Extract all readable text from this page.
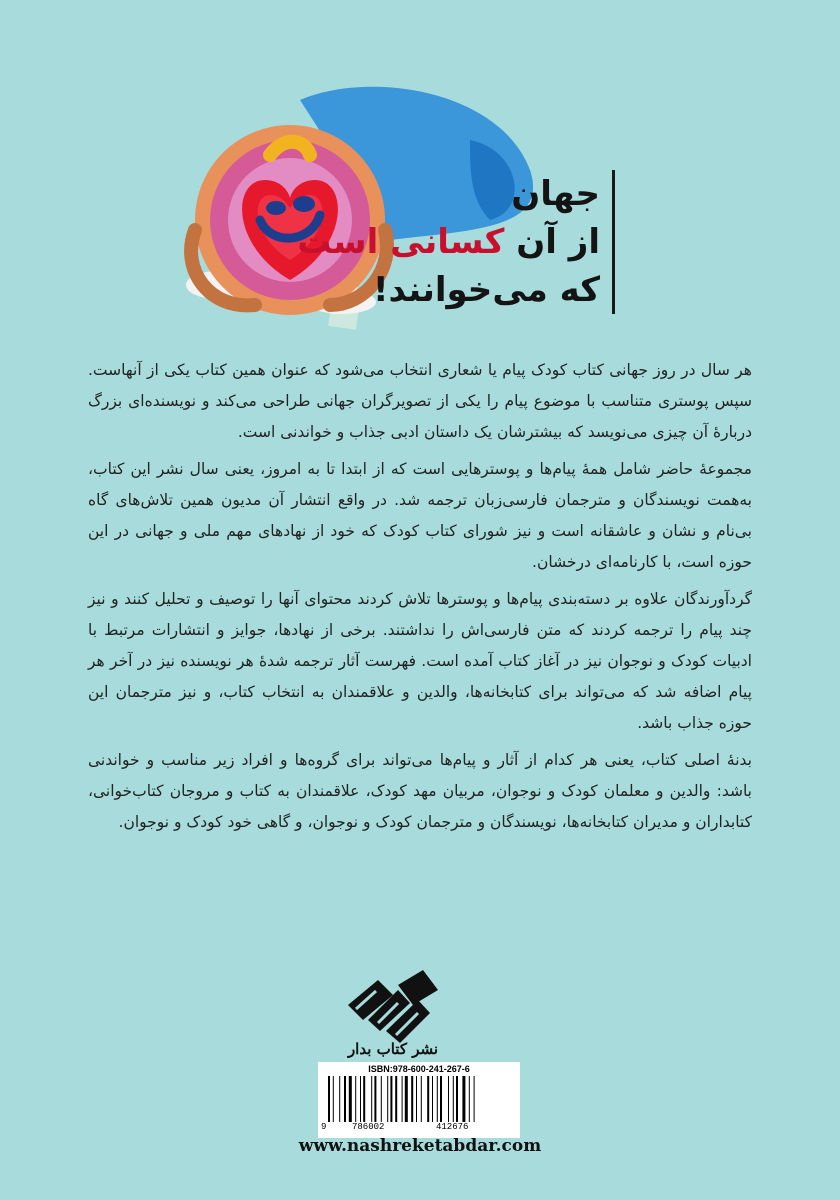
جهان
از آن کسانی است
که می‌خوانند!

هر سال در روز جهانی کتاب کودک پیام یا شعاری انتخاب می‌شود که عنوان همین کتاب یکی از آنهاست. سپس پوستری متناسب با موضوع پیام را یکی از تصویرگران جهانی طراحی می‌کند و نویسنده‌ای بزرگ دربارۀ آن چیزی می‌نویسد که بیشترشان یک داستان ادبی جذاب و خواندنی است.

مجموعۀ حاضر شامل همۀ پیام‌ها و پوسترهایی است که از ابتدا تا به امروز، یعنی سال نشر این کتاب، به‌همت نویسندگان و مترجمان فارسی‌زبان ترجمه شد. در واقع انتشار آن مدیون همین تلاش‌های گاه بی‌نام و نشان و عاشقانه است و نیز شورای کتاب کودک که خود از نهادهای مهم ملی و جهانی در این حوزه است، با کارنامه‌ای درخشان.

گردآورندگان علاوه بر دسته‌بندی پیام‌ها و پوسترها تلاش کردند محتوای آنها را توصیف و تحلیل کنند و نیز چند پیام را ترجمه کردند که متن فارسی‌اش را نداشتند. برخی از نهادها، جوایز و انتشارات مرتبط با ادبیات کودک و نوجوان نیز در آغاز کتاب آمده است. فهرست آثار ترجمه شدۀ هر نویسنده نیز در آخر هر پیام اضافه شد که می‌تواند برای کتابخانه‌ها، والدین و علاقمندان به انتخاب کتاب، و نیز مترجمان این حوزه جذاب باشد.

بدنۀ اصلی کتاب، یعنی هر کدام از آثار و پیام‌ها می‌تواند برای گروه‌ها و افراد زیر مناسب و خواندنی باشد: والدین و معلمان کودک و نوجوان، مربیان مهد کودک، علاقمندان به کتاب و مروجان کتاب‌خوانی، کتابداران و مدیران کتابخانه‌ها، نویسندگان و مترجمان کودک و نوجوان، و گاهی خود کودک و نوجوان.

نشر کتاب بدار
ISBN:978-600-241-267-6
9	786002	412676
www.nashreketabdar.com
